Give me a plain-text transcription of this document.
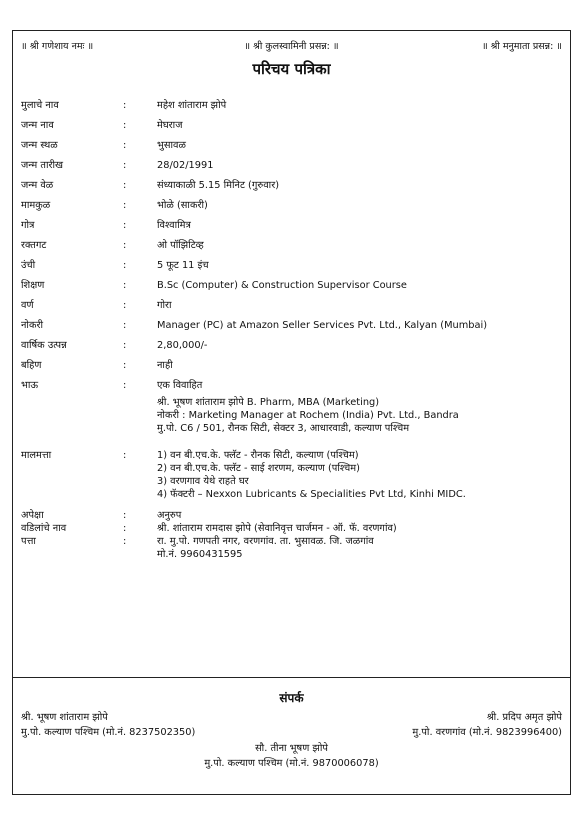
॥ श्री गणेशाय नमः ॥	॥ श्री कुलस्वामिनी प्रसन्न: ॥	॥ श्री मनुमाता प्रसन्न: ॥
परिचय पत्रिका
मुलाचे नाव	:	महेश शांताराम झोपे
जन्म नाव	:	मेघराज
जन्म स्थळ	:	भुसावळ
जन्म तारीख	:	28/02/1991
जन्म वेळ	:	संध्याकाळी 5.15 मिनिट (गुरुवार)
मामकुळ	:	भोळे (साकरी)
गोत्र	:	विश्वामित्र
रक्तगट	:	ओ पॉझिटिव्ह
उंची	:	5 फूट 11 इंच
शिक्षण	:	B.Sc (Computer) & Construction Supervisor Course
वर्ण	:	गोरा
नोकरी	:	Manager (PC) at Amazon Seller Services Pvt. Ltd., Kalyan (Mumbai)
वार्षिक उत्पन्न	:	2,80,000/-
बहिण	:	नाही
भाऊ	:	एक विवाहित
श्री. भूषण शांताराम झोपे B. Pharm, MBA (Marketing)
नोकरी : Marketing Manager at Rochem (India) Pvt. Ltd., Bandra
मु.पो. C6 / 501, रौनक सिटी, सेक्टर 3, आधारवाडी, कल्याण पश्चिम
मालमत्ता	:	1) वन बी.एच.के. फ्लॅट - रौनक सिटी, कल्याण (पश्चिम)
2) वन बी.एच.के. फ्लॅट - साई शरणम, कल्याण (पश्चिम)
3) वरणगाव येथे राहते घर
4) फॅक्टरी – Nexxon Lubricants & Specialities Pvt Ltd, Kinhi MIDC.
अपेक्षा	:	अनुरुप
वडिलांचे नाव	:	श्री. शांताराम रामदास झोपे (सेवानिवृत्त चार्जमन - ऑ. फॅ. वरणगांव)
पत्ता	:	रा. मु.पो. गणपती नगर, वरणगांव. ता. भुसावळ. जि. जळगांव
मो.नं. 9960431595
संपर्क
श्री. भूषण शांताराम झोपे
मु.पो. कल्याण पश्चिम (मो.नं. 8237502350)
श्री. प्रदिप अमृत झोपे
मु.पो. वरणगांव (मो.नं. 9823996400)
सौ. तीना भूषण झोपे
मु.पो. कल्याण पश्चिम (मो.नं. 9870006078)
